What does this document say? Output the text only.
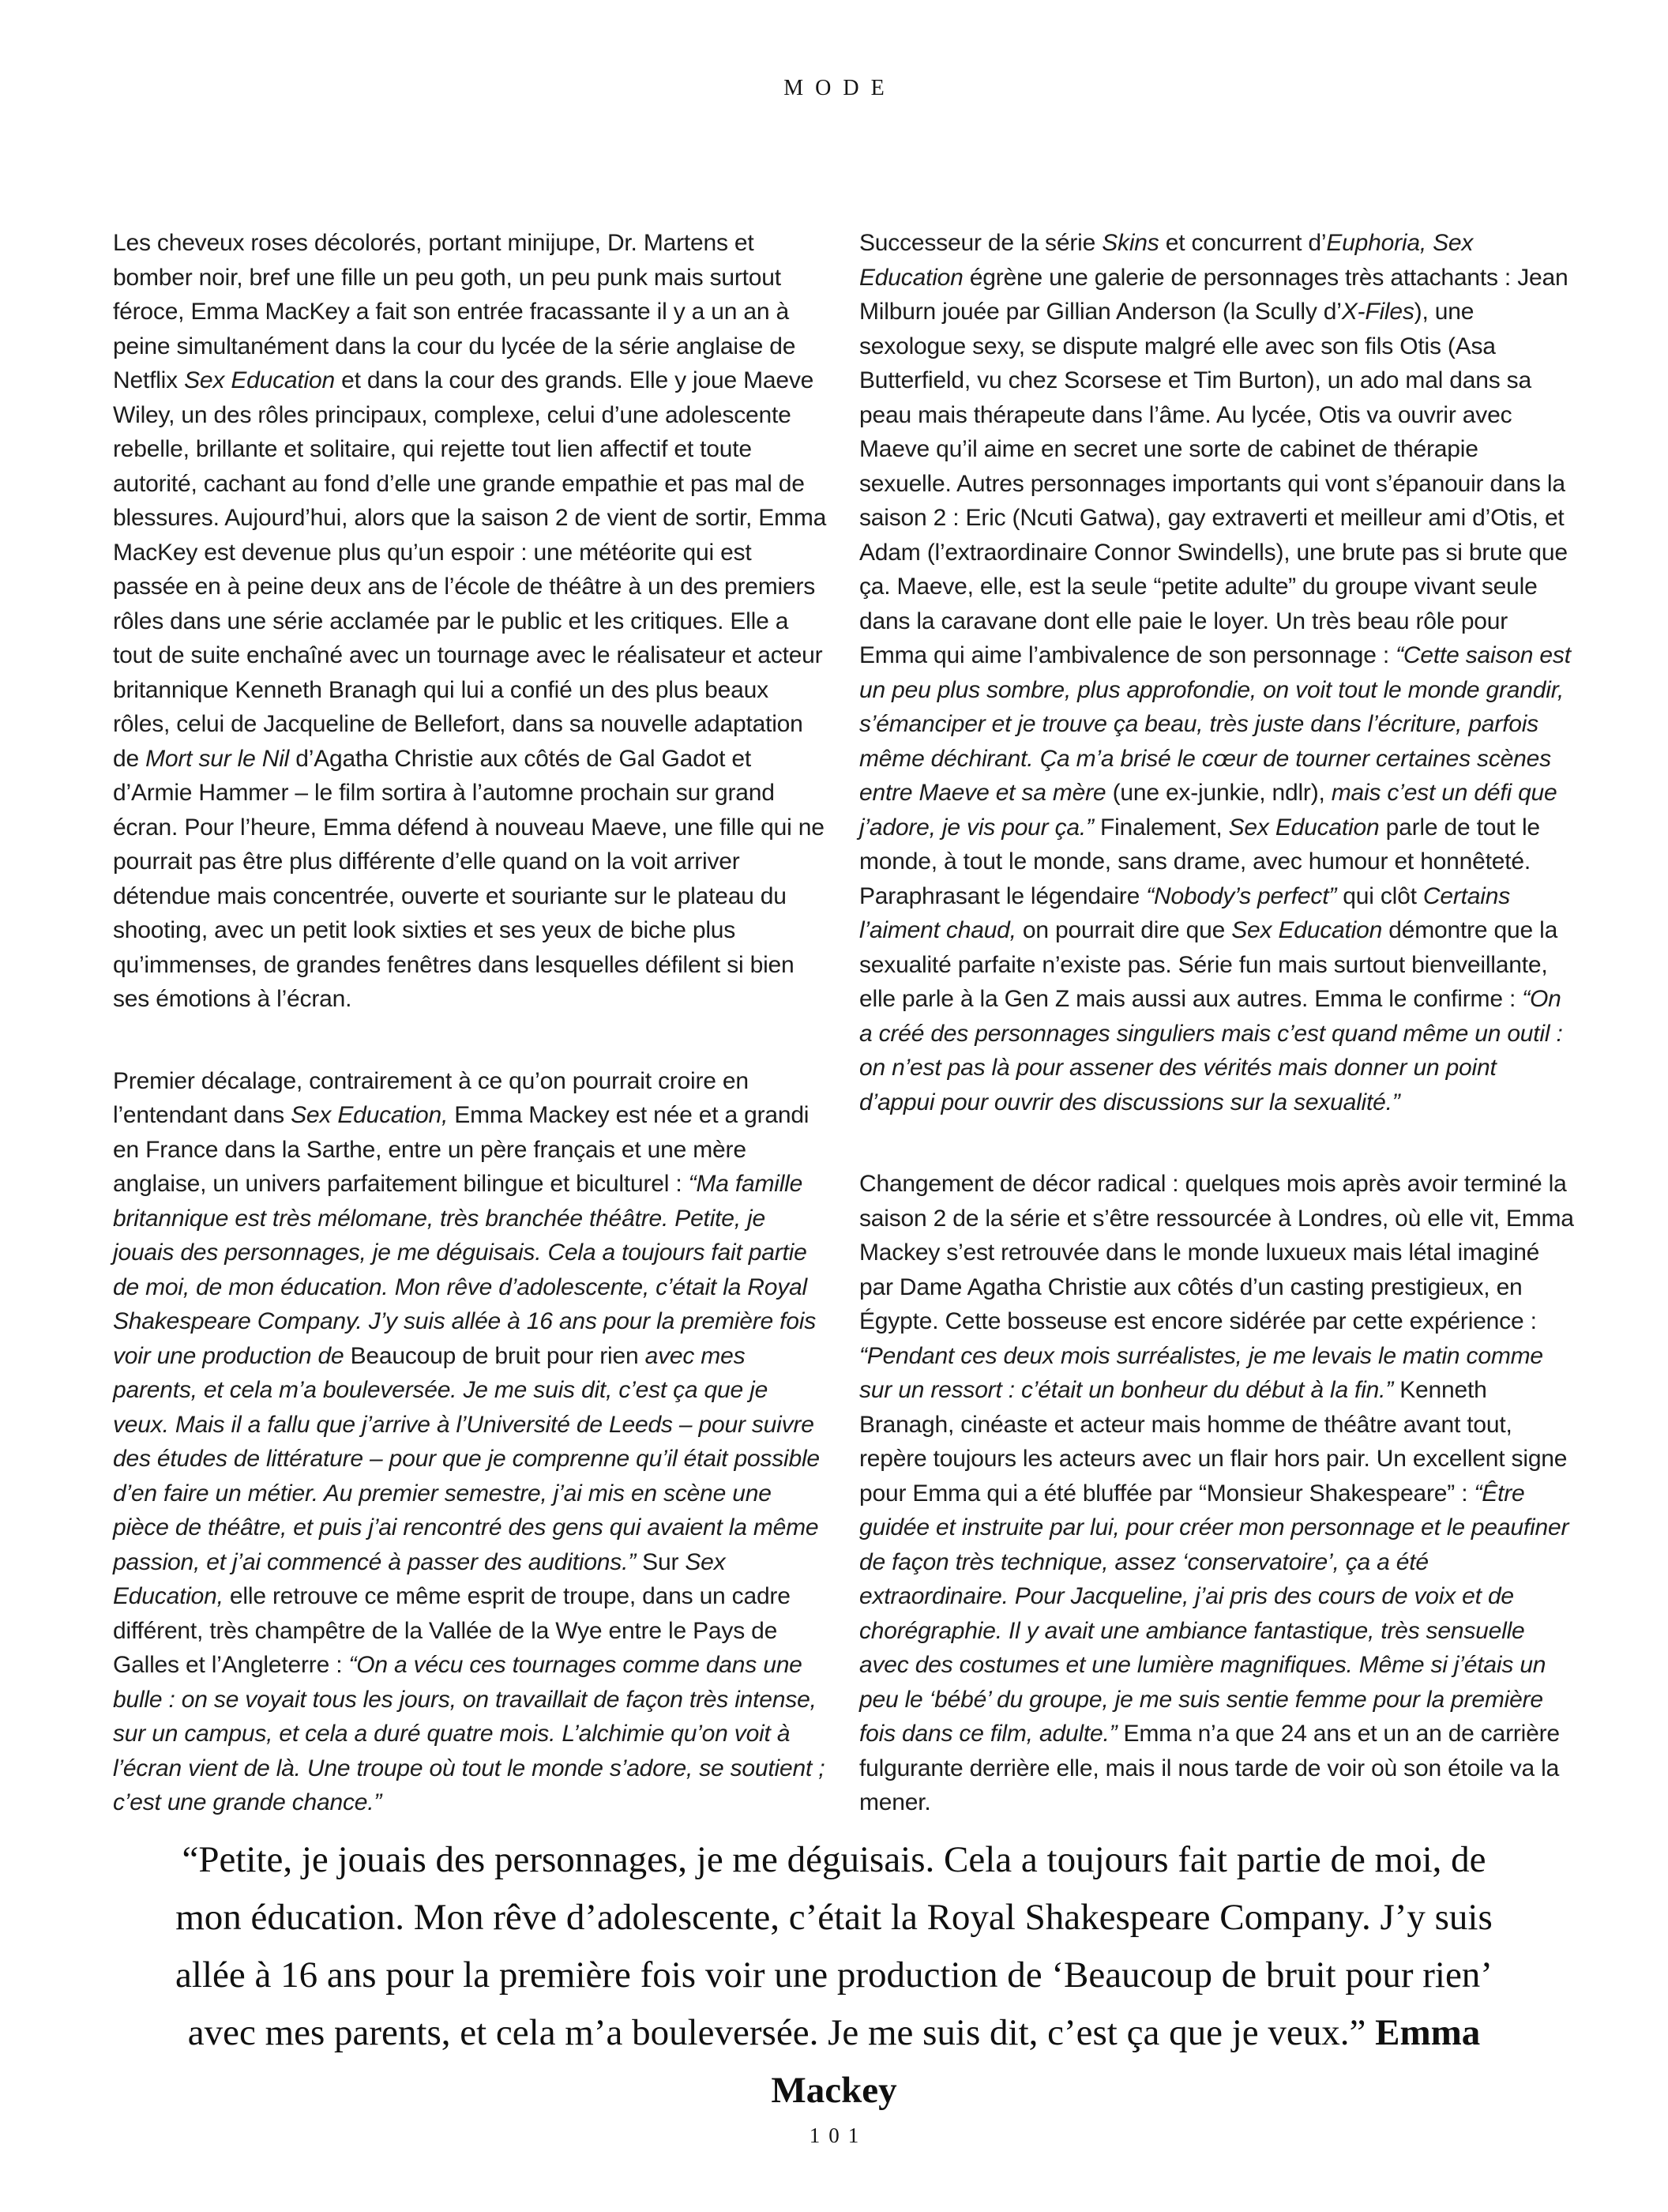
MODE

Les cheveux roses décolorés, portant minijupe, Dr. Martens et bomber noir, bref une fille un peu goth, un peu punk mais surtout féroce, Emma MacKey a fait son entrée fracassante il y a un an à peine simultanément dans la cour du lycée de la série anglaise de Netflix Sex Education et dans la cour des grands. Elle y joue Maeve Wiley, un des rôles principaux, complexe, celui d’une adolescente rebelle, brillante et solitaire, qui rejette tout lien affectif et toute autorité, cachant au fond d’elle une grande empathie et pas mal de blessures. Aujourd’hui, alors que la saison 2 de vient de sortir, Emma MacKey est devenue plus qu’un espoir : une météorite qui est passée en à peine deux ans de l’école de théâtre à un des premiers rôles dans une série acclamée par le public et les critiques. Elle a tout de suite enchaîné avec un tournage avec le réalisateur et acteur britannique Kenneth Branagh qui lui a confié un des plus beaux rôles, celui de Jacqueline de Bellefort, dans sa nouvelle adaptation de Mort sur le Nil d’Agatha Christie aux côtés de Gal Gadot et d’Armie Hammer – le film sortira à l’automne prochain sur grand écran. Pour l’heure, Emma défend à nouveau Maeve, une fille qui ne pourrait pas être plus différente d’elle quand on la voit arriver détendue mais concentrée, ouverte et souriante sur le plateau du shooting, avec un petit look sixties et ses yeux de biche plus qu’immenses, de grandes fenêtres dans lesquelles défilent si bien ses émotions à l’écran.

Premier décalage, contrairement à ce qu’on pourrait croire en l’entendant dans Sex Education, Emma Mackey est née et a grandi en France dans la Sarthe, entre un père français et une mère anglaise, un univers parfaitement bilingue et biculturel : “Ma famille britannique est très mélomane, très branchée théâtre. Petite, je jouais des personnages, je me déguisais. Cela a toujours fait partie de moi, de mon éducation. Mon rêve d’adolescente, c’était la Royal Shakespeare Company. J’y suis allée à 16 ans pour la première fois voir une production de Beaucoup de bruit pour rien avec mes parents, et cela m’a bouleversée. Je me suis dit, c’est ça que je veux. Mais il a fallu que j’arrive à l’Université de Leeds – pour suivre des études de littérature – pour que je comprenne qu’il était possible d’en faire un métier. Au premier semestre, j’ai mis en scène une pièce de théâtre, et puis j’ai rencontré des gens qui avaient la même passion, et j’ai commencé à passer des auditions.” Sur Sex Education, elle retrouve ce même esprit de troupe, dans un cadre différent, très champêtre de la Vallée de la Wye entre le Pays de Galles et l’Angleterre : “On a vécu ces tournages comme dans une bulle : on se voyait tous les jours, on travaillait de façon très intense, sur un campus, et cela a duré quatre mois. L’alchimie qu’on voit à l’écran vient de là. Une troupe où tout le monde s’adore, se soutient ; c’est une grande chance.”

Successeur de la série Skins et concurrent d’Euphoria, Sex Education égrène une galerie de personnages très attachants : Jean Milburn jouée par Gillian Anderson (la Scully d’X-Files), une sexologue sexy, se dispute malgré elle avec son fils Otis (Asa Butterfield, vu chez Scorsese et Tim Burton), un ado mal dans sa peau mais thérapeute dans l’âme. Au lycée, Otis va ouvrir avec Maeve qu’il aime en secret une sorte de cabinet de thérapie sexuelle. Autres personnages importants qui vont s’épanouir dans la saison 2 : Eric (Ncuti Gatwa), gay extraverti et meilleur ami d’Otis, et Adam (l’extraordinaire Connor Swindells), une brute pas si brute que ça. Maeve, elle, est la seule “petite adulte” du groupe vivant seule dans la caravane dont elle paie le loyer. Un très beau rôle pour Emma qui aime l’ambivalence de son personnage : “Cette saison est un peu plus sombre, plus approfondie, on voit tout le monde grandir, s’émanciper et je trouve ça beau, très juste dans l’écriture, parfois même déchirant. Ça m’a brisé le cœur de tourner certaines scènes entre Maeve et sa mère (une ex-junkie, ndlr), mais c’est un défi que j’adore, je vis pour ça.” Finalement, Sex Education parle de tout le monde, à tout le monde, sans drame, avec humour et honnêteté. Paraphrasant le légendaire “Nobody’s perfect” qui clôt Certains l’aiment chaud, on pourrait dire que Sex Education démontre que la sexualité parfaite n’existe pas. Série fun mais surtout bienveillante, elle parle à la Gen Z mais aussi aux autres. Emma le confirme : “On a créé des personnages singuliers mais c’est quand même un outil : on n’est pas là pour assener des vérités mais donner un point d’appui pour ouvrir des discussions sur la sexualité.”

Changement de décor radical : quelques mois après avoir terminé la saison 2 de la série et s’être ressourcée à Londres, où elle vit, Emma Mackey s’est retrouvée dans le monde luxueux mais létal imaginé par Dame Agatha Christie aux côtés d’un casting prestigieux, en Égypte. Cette bosseuse est encore sidérée par cette expérience : “Pendant ces deux mois surréalistes, je me levais le matin comme sur un ressort : c’était un bonheur du début à la fin.” Kenneth Branagh, cinéaste et acteur mais homme de théâtre avant tout, repère toujours les acteurs avec un flair hors pair. Un excellent signe pour Emma qui a été bluffée par “Monsieur Shakespeare” : “Être guidée et instruite par lui, pour créer mon personnage et le peaufiner de façon très technique, assez ‘conservatoire’, ça a été extraordinaire. Pour Jacqueline, j’ai pris des cours de voix et de chorégraphie. Il y avait une ambiance fantastique, très sensuelle avec des costumes et une lumière magnifiques. Même si j’étais un peu le ‘bébé’ du groupe, je me suis sentie femme pour la première fois dans ce film, adulte.” Emma n’a que 24 ans et un an de carrière fulgurante derrière elle, mais il nous tarde de voir où son étoile va la mener.

“Petite, je jouais des personnages, je me déguisais. Cela a toujours fait partie de moi, de mon éducation. Mon rêve d’adolescente, c’était la Royal Shakespeare Company. J’y suis allée à 16 ans pour la première fois voir une production de ‘Beaucoup de bruit pour rien’ avec mes parents, et cela m’a bouleversée. Je me suis dit, c’est ça que je veux.” Emma Mackey
101
